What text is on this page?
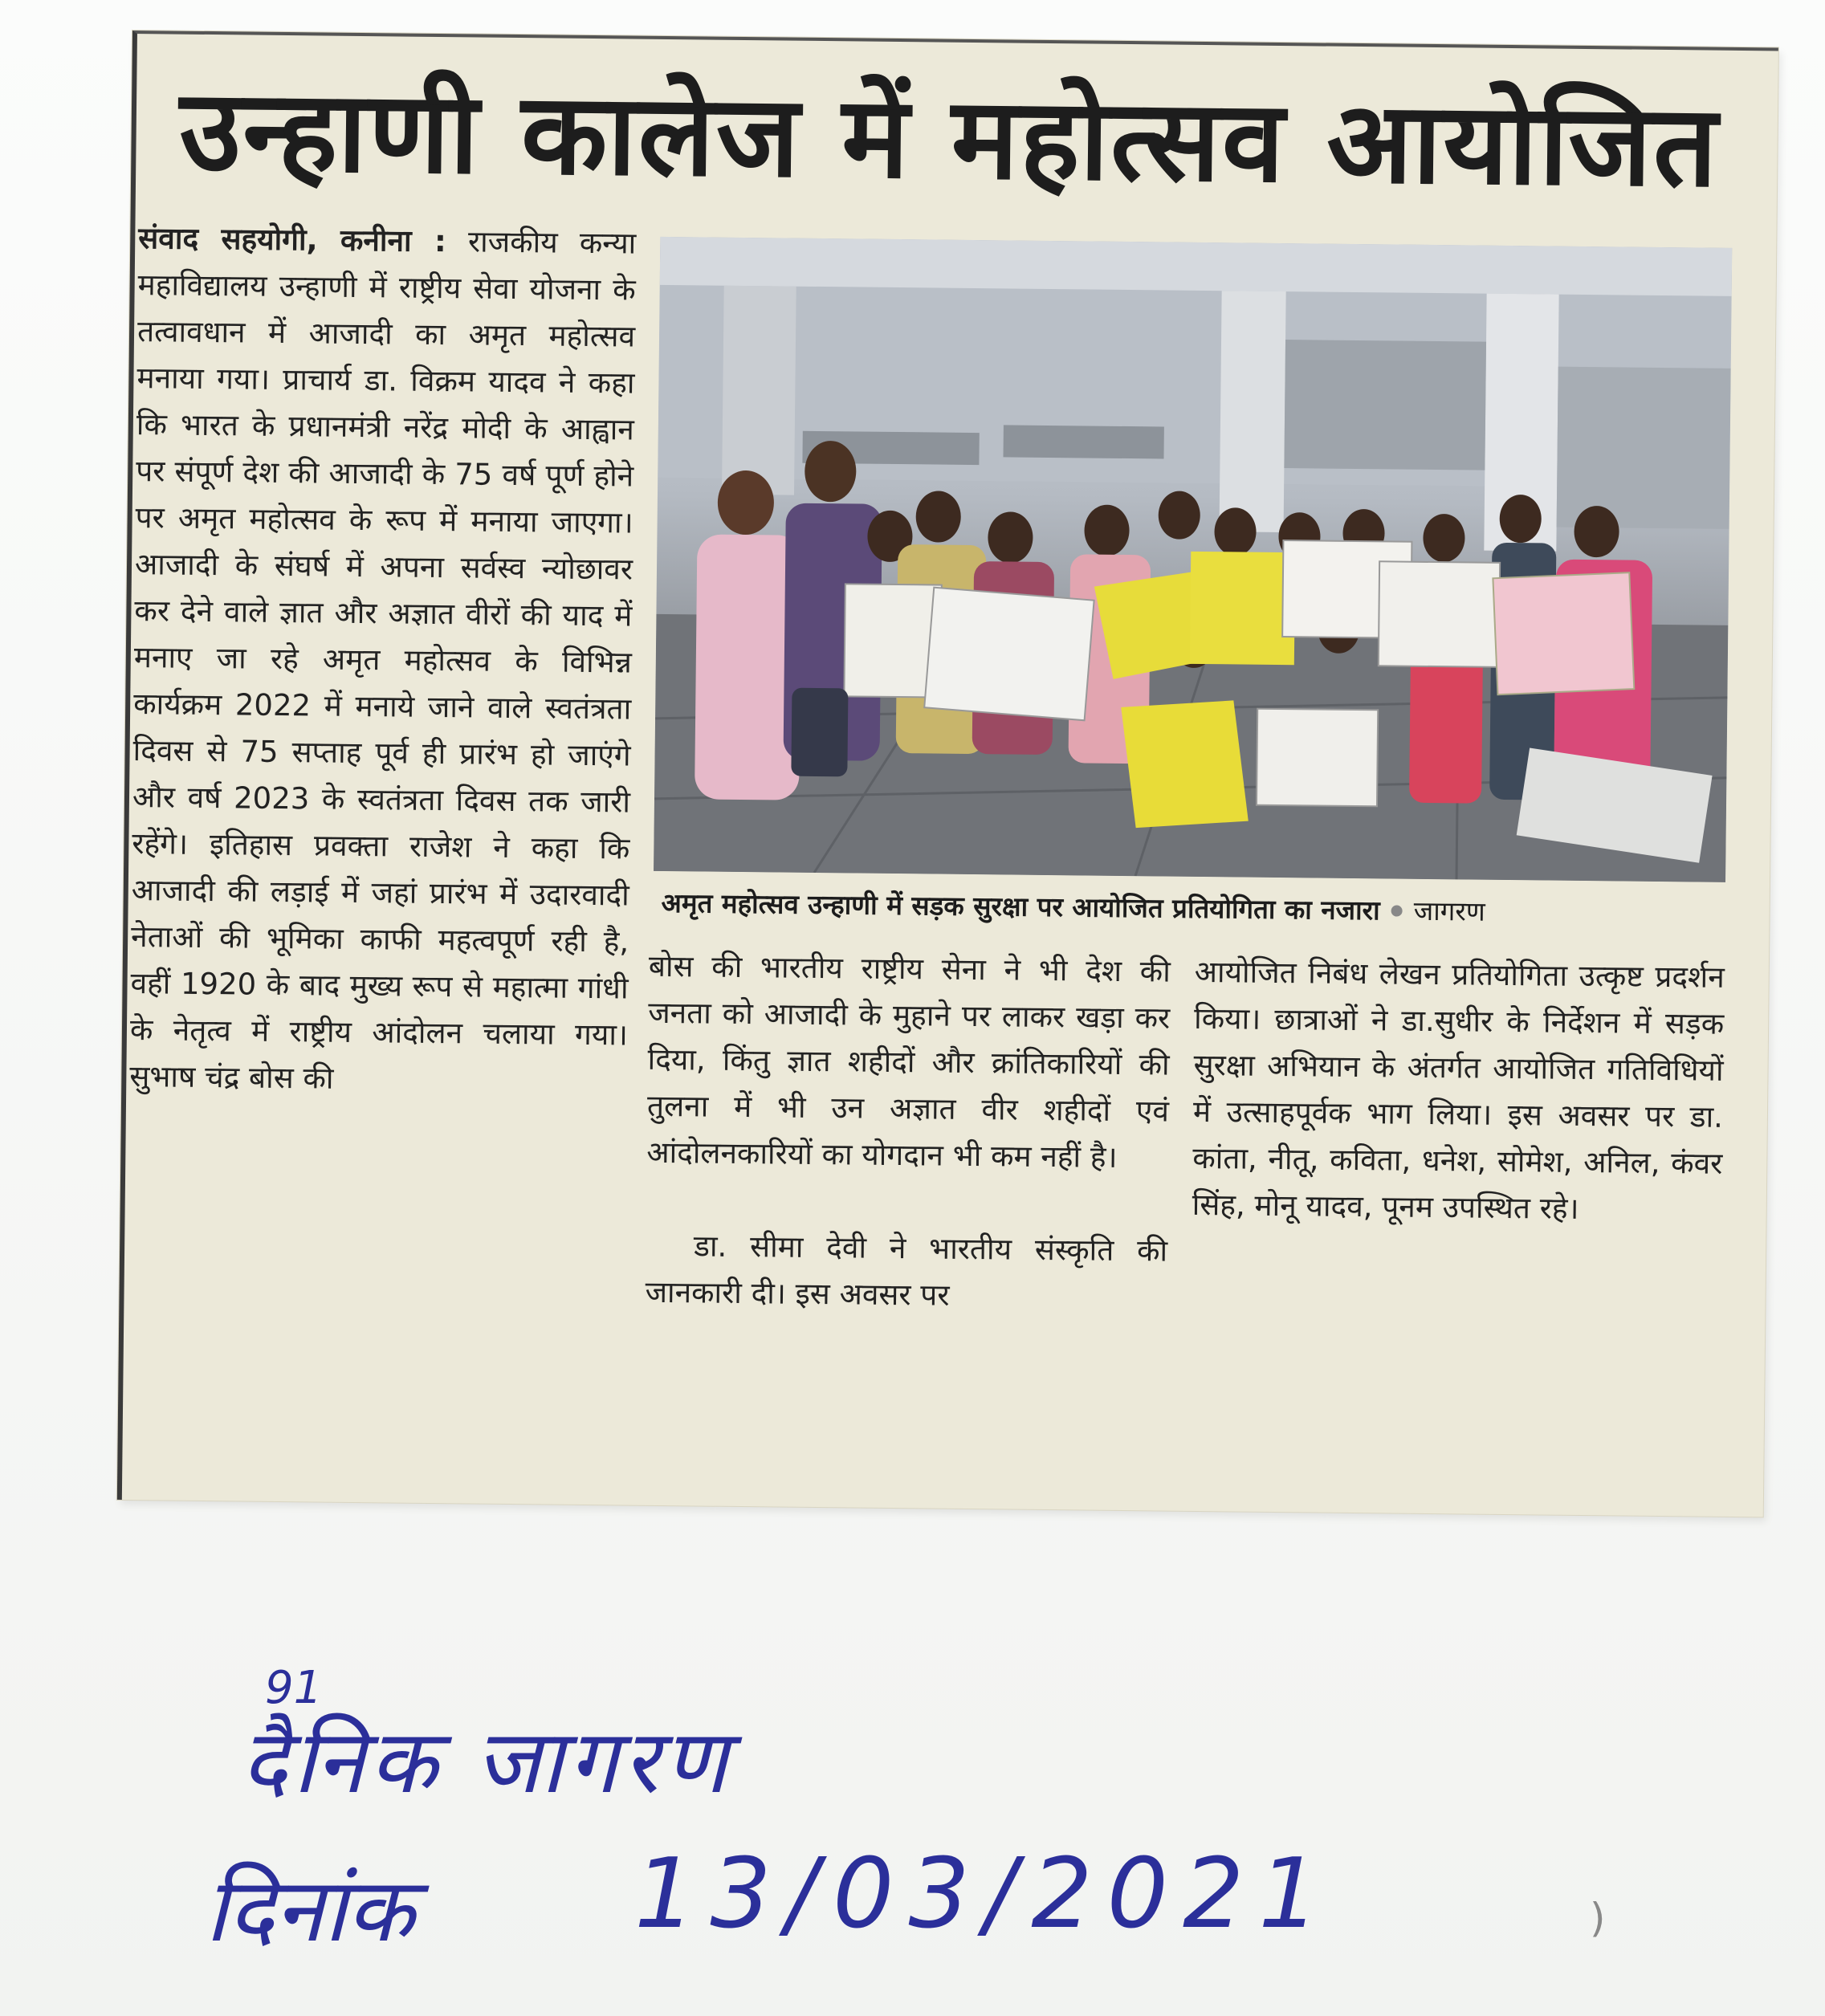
उन्हाणी कालेज में महोत्सव आयोजित

संवाद सहयोगी, कनीना : राजकीय कन्या महाविद्यालय उन्हाणी में राष्ट्रीय सेवा योजना के तत्वावधान में आजादी का अमृत महोत्सव मनाया गया। प्राचार्य डा. विक्रम यादव ने कहा कि भारत के प्रधानमंत्री नरेंद्र मोदी के आह्वान पर संपूर्ण देश की आजादी के 75 वर्ष पूर्ण होने पर अमृत महोत्सव के रूप में मनाया जाएगा। आजादी के संघर्ष में अपना सर्वस्व न्योछावर कर देने वाले ज्ञात और अज्ञात वीरों की याद में मनाए जा रहे अमृत महोत्सव के विभिन्न कार्यक्रम 2022 में मनाये जाने वाले स्वतंत्रता दिवस से 75 सप्ताह पूर्व ही प्रारंभ हो जाएंगे और वर्ष 2023 के स्वतंत्रता दिवस तक जारी रहेंगे। इतिहास प्रवक्ता राजेश ने कहा कि आजादी की लड़ाई में जहां प्रारंभ में उदारवादी नेताओं की भूमिका काफी महत्वपूर्ण रही है, वहीं 1920 के बाद मुख्य रूप से महात्मा गांधी के नेतृत्व में राष्ट्रीय आंदोलन चलाया गया। सुभाष चंद्र बोस की

अमृत महोत्सव उन्हाणी में सड़क सुरक्षा पर आयोजित प्रतियोगिता का नजारा जागरण

बोस की भारतीय राष्ट्रीय सेना ने भी देश की जनता को आजादी के मुहाने पर लाकर खड़ा कर दिया, किंतु ज्ञात शहीदों और क्रांतिकारियों की तुलना में भी उन अज्ञात वीर शहीदों एवं आंदोलनकारियों का योगदान भी कम नहीं है।

डा. सीमा देवी ने भारतीय संस्कृति की जानकारी दी। इस अवसर पर

आयोजित निबंध लेखन प्रतियोगिता उत्कृष्ट प्रदर्शन किया। छात्राओं ने डा.सुधीर के निर्देशन में सड़क सुरक्षा अभियान के अंतर्गत आयोजित गतिविधियों में उत्साहपूर्वक भाग लिया। इस अवसर पर डा. कांता, नीतू, कविता, धनेश, सोमेश, अनिल, कंवर सिंह, मोनू यादव, पूनम उपस्थित रहे।

91
दैनिक जागरण
दिनांक 13/03/2021	)
